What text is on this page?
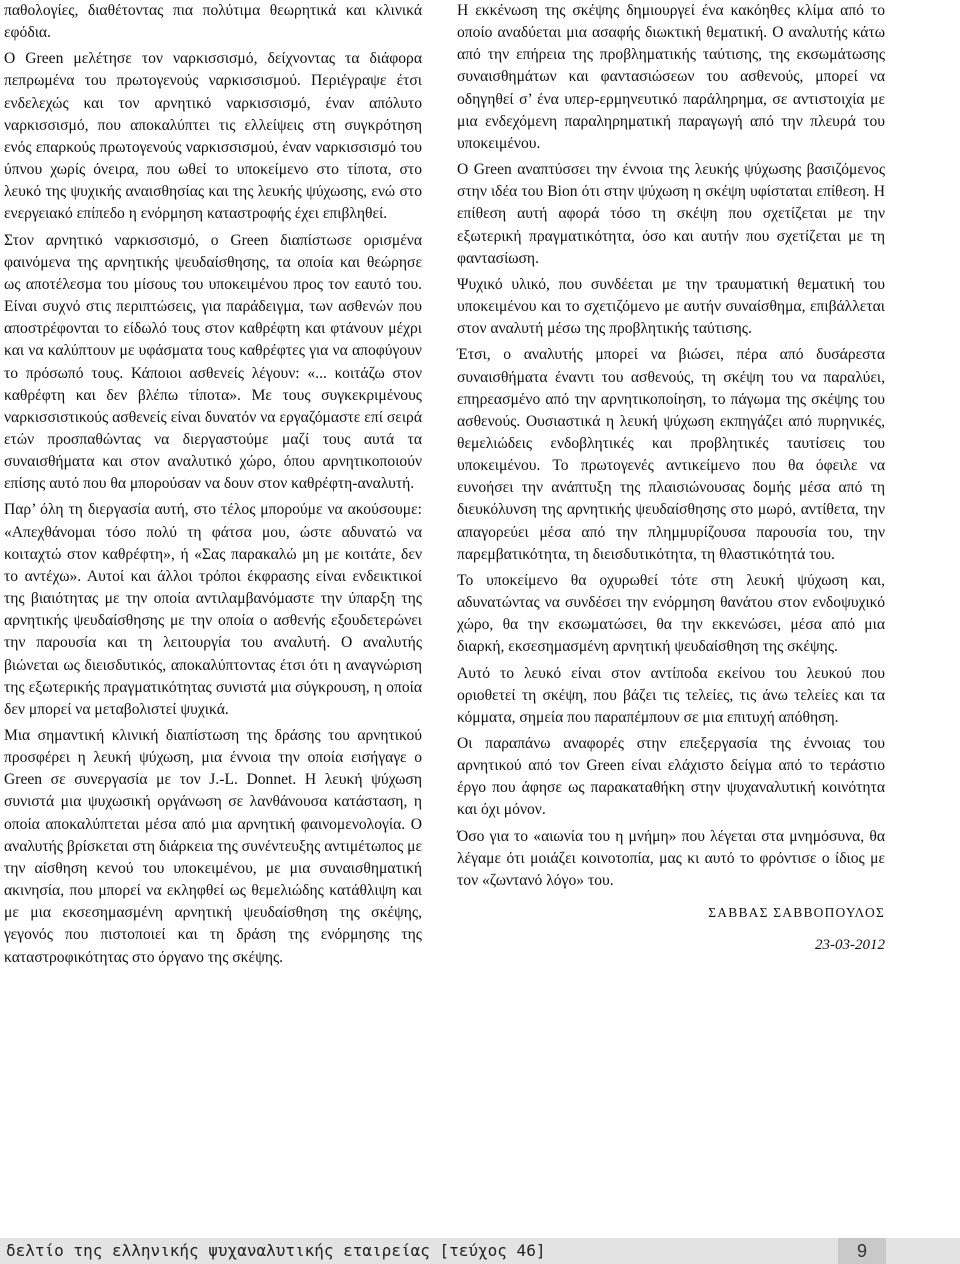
παθολογίες, διαθέτοντας πια πολύτιμα θεωρητικά και κλινικά εφόδια.

Ο Green μελέτησε τον ναρκισσισμό, δείχνοντας τα διάφορα πεπρωμένα του πρωτογενούς ναρκισσισμού. Περιέγραψε έτσι ενδελεχώς και τον αρνητικό ναρκισσισμό, έναν απόλυτο ναρκισσισμό, που αποκαλύπτει τις ελλείψεις στη συγκρότηση ενός επαρκούς πρωτογενούς ναρκισσισμού, έναν ναρκισσισμό του ύπνου χωρίς όνειρα, που ωθεί το υποκείμενο στο τίποτα, στο λευκό της ψυχικής αναισθησίας και της λευκής ψύχωσης, ενώ στο ενεργειακό επίπεδο η ενόρμηση καταστροφής έχει επιβληθεί.

Στον αρνητικό ναρκισσισμό, ο Green διαπίστωσε ορισμένα φαινόμενα της αρνητικής ψευδαίσθησης, τα οποία και θεώρησε ως αποτέλεσμα του μίσους του υποκειμένου προς τον εαυτό του. Είναι συχνό στις περιπτώσεις, για παράδειγμα, των ασθενών που αποστρέφονται το είδωλό τους στον καθρέφτη και φτάνουν μέχρι και να καλύπτουν με υφάσματα τους καθρέφτες για να αποφύγουν το πρόσωπό τους. Κάποιοι ασθενείς λέγουν: «... κοιτάζω στον καθρέφτη και δεν βλέπω τίποτα». Με τους συγκεκριμένους ναρκισσιστικούς ασθενείς είναι δυνατόν να εργαζόμαστε επί σειρά ετών προσπαθώντας να διεργαστούμε μαζί τους αυτά τα συναισθήματα και στον αναλυτικό χώρο, όπου αρνητικοποιούν επίσης αυτό που θα μπορούσαν να δουν στον καθρέφτη-αναλυτή.

Παρ’ όλη τη διεργασία αυτή, στο τέλος μπορούμε να ακούσουμε: «Απεχθάνομαι τόσο πολύ τη φάτσα μου, ώστε αδυνατώ να κοιταχτώ στον καθρέφτη», ή «Σας παρακαλώ μη με κοιτάτε, δεν το αντέχω». Αυτοί και άλλοι τρόποι έκφρασης είναι ενδεικτικοί της βιαιότητας με την οποία αντιλαμβανόμαστε την ύπαρξη της αρνητικής ψευδαίσθησης με την οποία ο ασθενής εξουδετερώνει την παρουσία και τη λειτουργία του αναλυτή. Ο αναλυτής βιώνεται ως διεισδυτικός, αποκαλύπτοντας έτσι ότι η αναγνώριση της εξωτερικής πραγματικότητας συνιστά μια σύγκρουση, η οποία δεν μπορεί να μεταβολιστεί ψυχικά.

Μια σημαντική κλινική διαπίστωση της δράσης του αρνητικού προσφέρει η λευκή ψύχωση, μια έννοια την οποία εισήγαγε ο Green σε συνεργασία με τον J.-L. Donnet. Η λευκή ψύχωση συνιστά μια ψυχωσική οργάνωση σε λανθάνουσα κατάσταση, η οποία αποκαλύπτεται μέσα από μια αρνητική φαινομενολογία. Ο αναλυτής βρίσκεται στη διάρκεια της συνέντευξης αντιμέτωπος με την αίσθηση κενού του υποκειμένου, με μια συναισθηματική ακινησία, που μπορεί να εκληφθεί ως θεμελιώδης κατάθλιψη και με μια εκσεσημασμένη αρνητική ψευδαίσθηση της σκέψης, γεγονός που πιστοποιεί και τη δράση της ενόρμησης της καταστροφικότητας στο όργανο της σκέψης.

Η εκκένωση της σκέψης δημιουργεί ένα κακόηθες κλίμα από το οποίο αναδύεται μια ασαφής διωκτική θεματική. Ο αναλυτής κάτω από την επήρεια της προβληματικής ταύτισης, της εκσωμάτωσης συναισθημάτων και φαντασιώσεων του ασθενούς, μπορεί να οδηγηθεί σ’ ένα υπερ-ερμηνευτικό παράληρημα, σε αντιστοιχία με μια ενδεχόμενη παραληρηματική παραγωγή από την πλευρά του υποκειμένου.

Ο Green αναπτύσσει την έννοια της λευκής ψύχωσης βασιζόμενος στην ιδέα του Bion ότι στην ψύχωση η σκέψη υφίσταται επίθεση. Η επίθεση αυτή αφορά τόσο τη σκέψη που σχετίζεται με την εξωτερική πραγματικότητα, όσο και αυτήν που σχετίζεται με τη φαντασίωση.

Ψυχικό υλικό, που συνδέεται με την τραυματική θεματική του υποκειμένου και το σχετιζόμενο με αυτήν συναίσθημα, επιβάλλεται στον αναλυτή μέσω της προβλητικής ταύτισης.

Έτσι, ο αναλυτής μπορεί να βιώσει, πέρα από δυσάρεστα συναισθήματα έναντι του ασθενούς, τη σκέψη του να παραλύει, επηρεασμένο από την αρνητικοποίηση, το πάγωμα της σκέψης του ασθενούς. Ουσιαστικά η λευκή ψύχωση εκπηγάζει από πυρηνικές, θεμελιώδεις ενδοβλητικές και προβλητικές ταυτίσεις του υποκειμένου. Το πρωτογενές αντικείμενο που θα όφειλε να ευνοήσει την ανάπτυξη της πλαισιώνουσας δομής μέσα από τη διευκόλυνση της αρνητικής ψευδαίσθησης στο μωρό, αντίθετα, την απαγορεύει μέσα από την πλημμυρίζουσα παρουσία του, την παρεμβατικότητα, τη διεισδυτικότητα, τη θλαστικότητά του.

Το υποκείμενο θα οχυρωθεί τότε στη λευκή ψύχωση και, αδυνατώντας να συνδέσει την ενόρμηση θανάτου στον ενδοψυχικό χώρο, θα την εκσωματώσει, θα την εκκενώσει, μέσα από μια διαρκή, εκσεσημασμένη αρνητική ψευδαίσθηση της σκέψης.

Αυτό το λευκό είναι στον αντίποδα εκείνου του λευκού που οριοθετεί τη σκέψη, που βάζει τις τελείες, τις άνω τελείες και τα κόμματα, σημεία που παραπέμπουν σε μια επιτυχή απόθηση.

Οι παραπάνω αναφορές στην επεξεργασία της έννοιας του αρνητικού από τον Green είναι ελάχιστο δείγμα από το τεράστιο έργο που άφησε ως παρακαταθήκη στην ψυχαναλυτική κοινότητα και όχι μόνον.

Όσο για το «αιωνία του η μνήμη» που λέγεται στα μνημόσυνα, θα λέγαμε ότι μοιάζει κοινοτοπία, μας κι αυτό το φρόντισε ο ίδιος με τον «ζωντανό λόγο» του.

ΣΑΒΒΑΣ ΣΑΒΒΟΠΟΥΛΟΣ
23-03-2012
δελτίο της ελληνικής ψυχαναλυτικής εταιρείας [τεύχος 46]	9
